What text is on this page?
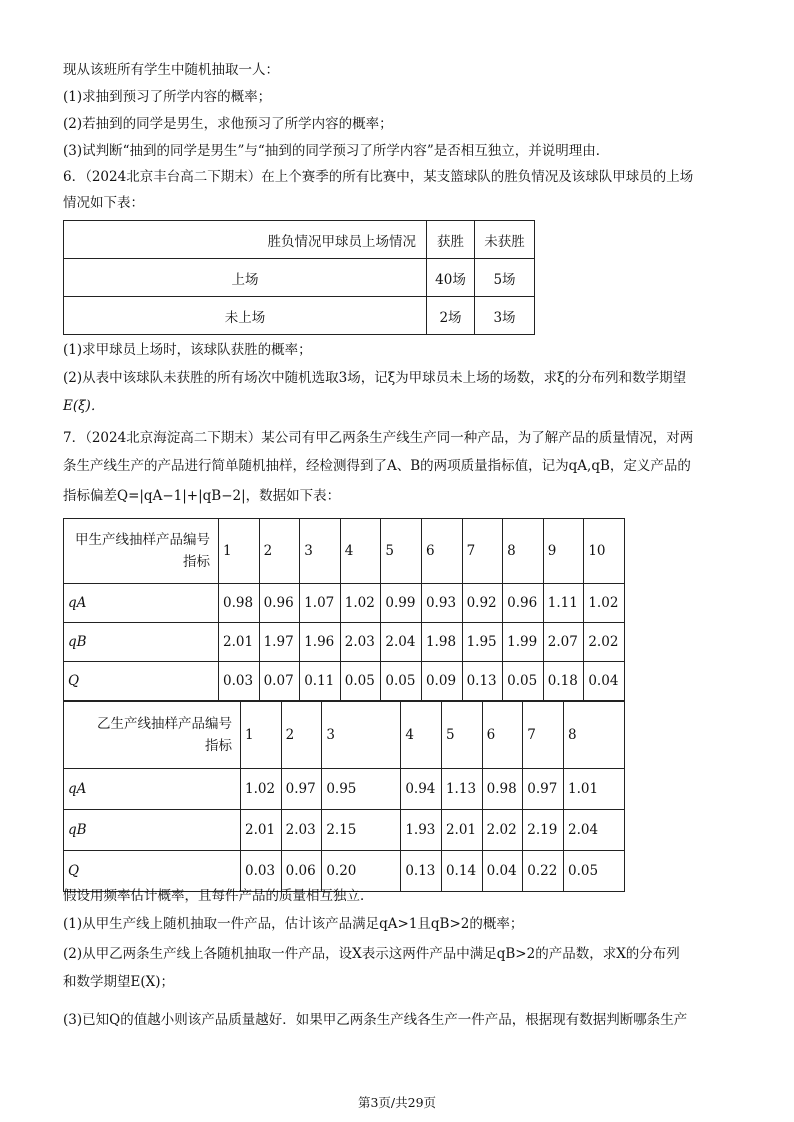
现从该班所有学生中随机抽取一人：
(1)求抽到预习了所学内容的概率；
(2)若抽到的同学是男生，求他预习了所学内容的概率；
(3)试判断“抽到的同学是男生”与“抽到的同学预习了所学内容”是否相互独立，并说明理由．
6．（2024北京丰台高二下期末）在上个赛季的所有比赛中，某支篮球队的胜负情况及该球队甲球员的上场
情况如下表：
胜负情况甲球员上场情况	获胜	未获胜
上场	40场	5场
未上场	2场	3场
(1)求甲球员上场时，该球队获胜的概率；
(2)从表中该球队未获胜的所有场次中随机选取3场，记ξ为甲球员未上场的场数，求ξ的分布列和数学期望
E(ξ)．
7．（2024北京海淀高二下期末）某公司有甲乙两条生产线生产同一种产品，为了解产品的质量情况，对两
条生产线生产的产品进行简单随机抽样，经检测得到了A、B的两项质量指标值，记为qA,qB，定义产品的
指标偏差Q=|qA−1|+|qB−2|，数据如下表：
甲生产线抽样产品编号
指标	1	2	3	4	5	6	7	8	9	10
qA	0.98	0.96	1.07	1.02	0.99	0.93	0.92	0.96	1.11	1.02
qB	2.01	1.97	1.96	2.03	2.04	1.98	1.95	1.99	2.07	2.02
Q	0.03	0.07	0.11	0.05	0.05	0.09	0.13	0.05	0.18	0.04
乙生产线抽样产品编号
指标	1	2	3	4	5	6	7	8
qA	1.02	0.97	0.95	0.94	1.13	0.98	0.97	1.01
qB	2.01	2.03	2.15	1.93	2.01	2.02	2.19	2.04
Q	0.03	0.06	0.20	0.13	0.14	0.04	0.22	0.05
假设用频率估计概率，且每件产品的质量相互独立．
(1)从甲生产线上随机抽取一件产品，估计该产品满足qA>1且qB>2的概率；
(2)从甲乙两条生产线上各随机抽取一件产品，设X表示这两件产品中满足qB>2的产品数，求X的分布列
和数学期望E(X)；
(3)已知Q的值越小则该产品质量越好．如果甲乙两条生产线各生产一件产品，根据现有数据判断哪条生产
第3页/共29页
